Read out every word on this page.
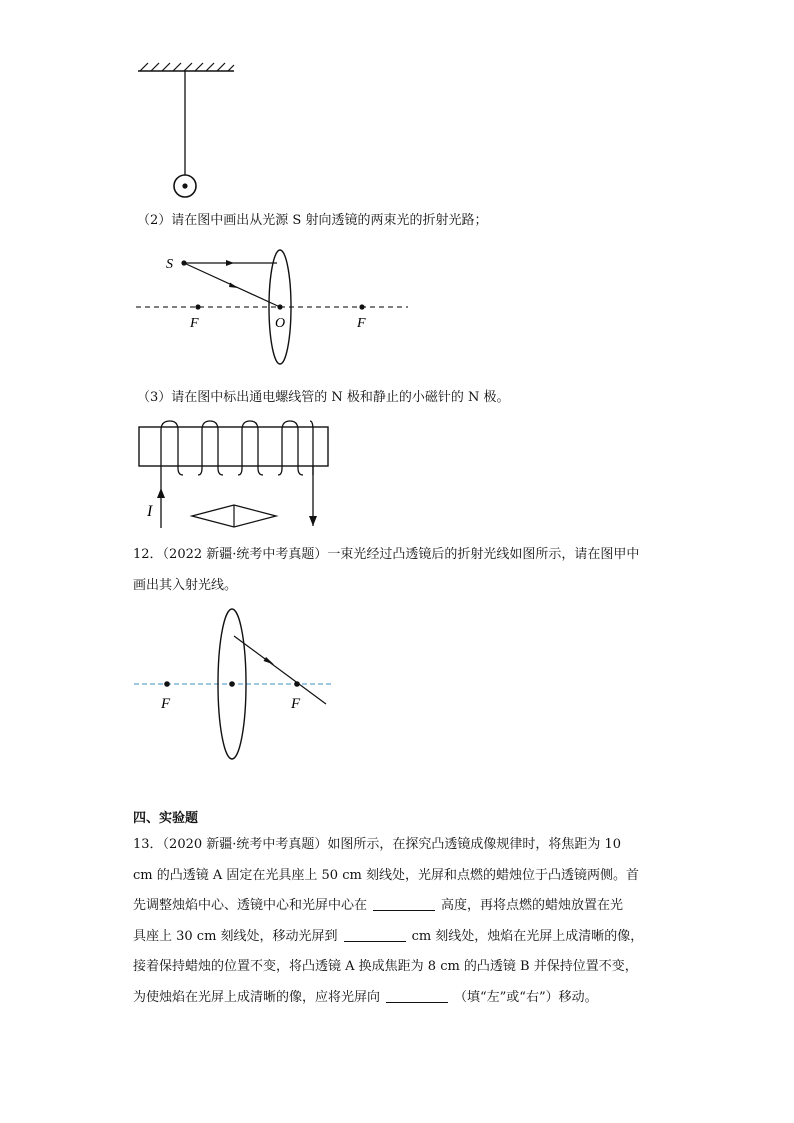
（2）请在图中画出从光源 S 射向透镜的两束光的折射光路；
S
F	O	F
（3）请在图中标出通电螺线管的 N 极和静止的小磁针的 N 极。
I
12．（2022 新疆·统考中考真题）一束光经过凸透镜后的折射光线如图所示，请在图甲中
画出其入射光线。
F	F
四、实验题
13．（2020 新疆·统考中考真题）如图所示，在探究凸透镜成像规律时，将焦距为 10
cm 的凸透镜 A 固定在光具座上 50 cm 刻线处，光屏和点燃的蜡烛位于凸透镜两侧。首
先调整烛焰中心、透镜中心和光屏中心在	高度，再将点燃的蜡烛放置在光
具座上 30 cm 刻线处，移动光屏到	cm 刻线处，烛焰在光屏上成清晰的像，
接着保持蜡烛的位置不变，将凸透镜 A 换成焦距为 8 cm 的凸透镜 B 并保持位置不变，
为使烛焰在光屏上成清晰的像，应将光屏向	（填“左”或“右”）移动。
